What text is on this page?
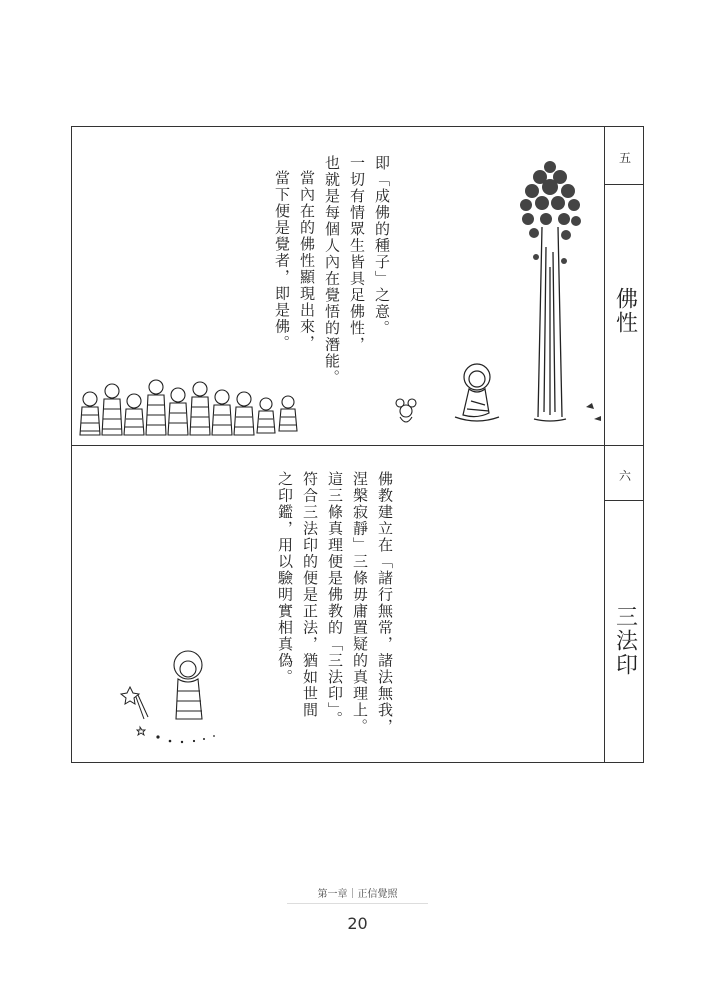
五
佛性
即「成佛的種子」之意。
一切有情眾生皆具足佛性，
也就是每個人內在覺悟的潛能。
當內在的佛性顯現出來，
當下便是覺者，即是佛。
六
三法印
佛教建立在「諸行無常，諸法無我，
涅槃寂靜」三條毋庸置疑的真理上。
這三條真理便是佛教的「三法印」。
符合三法印的便是正法，猶如世間
之印鑑，用以驗明實相真偽。
第一章｜正信覺照
20
